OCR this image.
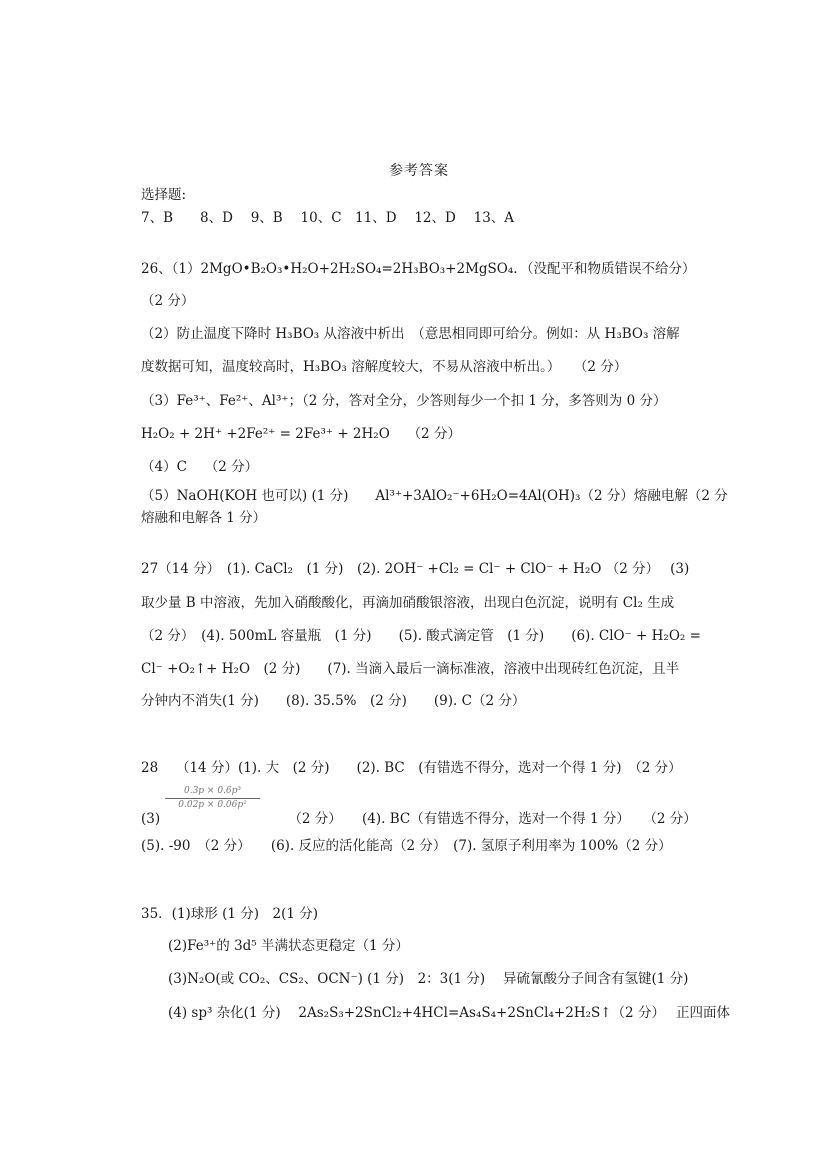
参考答案
选择题:
7、B　　8、D　 9、B　 10、C　11、D　 12、D　 13、A
26、（1）2MgO•B₂O₃•H₂O+2H₂SO₄=2H₃BO₃+2MgSO₄．（没配平和物质错误不给分）
（2 分）
（2）防止温度下降时 H₃BO₃ 从溶液中析出　（意思相同即可给分。例如：从 H₃BO₃ 溶解
度数据可知，温度较高时，H₃BO₃ 溶解度较大，不易从溶液中析出。）　　（2 分）
（3）Fe³⁺、Fe²⁺、Al³⁺；（2 分，答对全分，少答则每少一个扣 1 分，多答则为 0 分）
H₂O₂ + 2H⁺ +2Fe²⁺ = 2Fe³⁺ + 2H₂O　 （2 分）
（4）C　 （2 分）
（5）NaOH(KOH 也可以) (1 分)　　Al³⁺+3AlO₂⁻+6H₂O=4Al(OH)₃（2 分）熔融电解（2 分
熔融和电解各 1 分）
27（14 分）　(1). CaCl₂　(1 分)　(2). 2OH⁻ +Cl₂ = Cl⁻ + ClO⁻ + H₂O （2 分）　 (3)
取少量 B 中溶液，先加入硝酸酸化，再滴加硝酸银溶液，出现白色沉淀，说明有 Cl₂ 生成
（2 分）　(4). 500mL 容量瓶　(1 分)　　(5). 酸式滴定管　(1 分)　　(6). ClO⁻ + H₂O₂ =
Cl⁻ +O₂↑+ H₂O　(2 分)　　(7). 当滴入最后一滴标准液，溶液中出现砖红色沉淀，且半
分钟内不消失(1 分)　　(8). 35.5%　(2 分)　　(9). C（2 分）
28　 （14 分）(1). 大　(2 分)　　(2). BC　(有错选不得分，选对一个得 1 分)　（2 分）
$\frac{\text{0.3p × 0.6p³}}{\text{0.02p × 0.06p²}}$
(3)　　　　　　　　　　（2 分）　　(4). BC（有错选不得分，选对一个得 1 分）　　（2 分）
(5). -90　（2 分）　　(6). 反应的活化能高（2 分）　(7). 氢原子利用率为 100%（2 分）
35．(1)球形 (1 分)　2(1 分)
(2)Fe³⁺的 3d⁵ 半满状态更稳定（1 分）
(3)N₂O(或 CO₂、CS₂、OCN⁻) (1 分)　2：3(1 分)　 异硫氰酸分子间含有氢键(1 分)
(4) sp³ 杂化(1 分)　 2As₂S₃+2SnCl₂+4HCl=As₄S₄+2SnCl₄+2H₂S↑（2 分）　 正四面体
